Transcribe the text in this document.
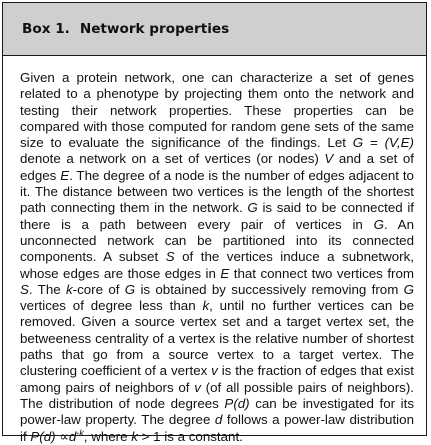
Box 1. Network properties
Given a protein network, one can characterize a set of genes related to a phenotype by projecting them onto the network and testing their network properties. These properties can be compared with those computed for random gene sets of the same size to evaluate the significance of the findings. Let G = (V,E) denote a network on a set of vertices (or nodes) V and a set of edges E. The degree of a node is the number of edges adjacent to it. The distance between two vertices is the length of the shortest path connecting them in the network. G is said to be connected if there is a path between every pair of vertices in G. An unconnected network can be partitioned into its connected components. A subset S of the vertices induce a subnetwork, whose edges are those edges in E that connect two vertices from S. The k-core of G is obtained by successively removing from G vertices of degree less than k, until no further vertices can be removed. Given a source vertex set and a target vertex set, the betweeness centrality of a vertex is the relative number of shortest paths that go from a source vertex to a target vertex. The clustering coefficient of a vertex v is the fraction of edges that exist among pairs of neighbors of v (of all possible pairs of neighbors). The distribution of node degrees P(d) can be investigated for its power-law property. The degree d follows a power-law distribution if $P(d) \propto d^{-k}$, where k > 1 is a constant.
